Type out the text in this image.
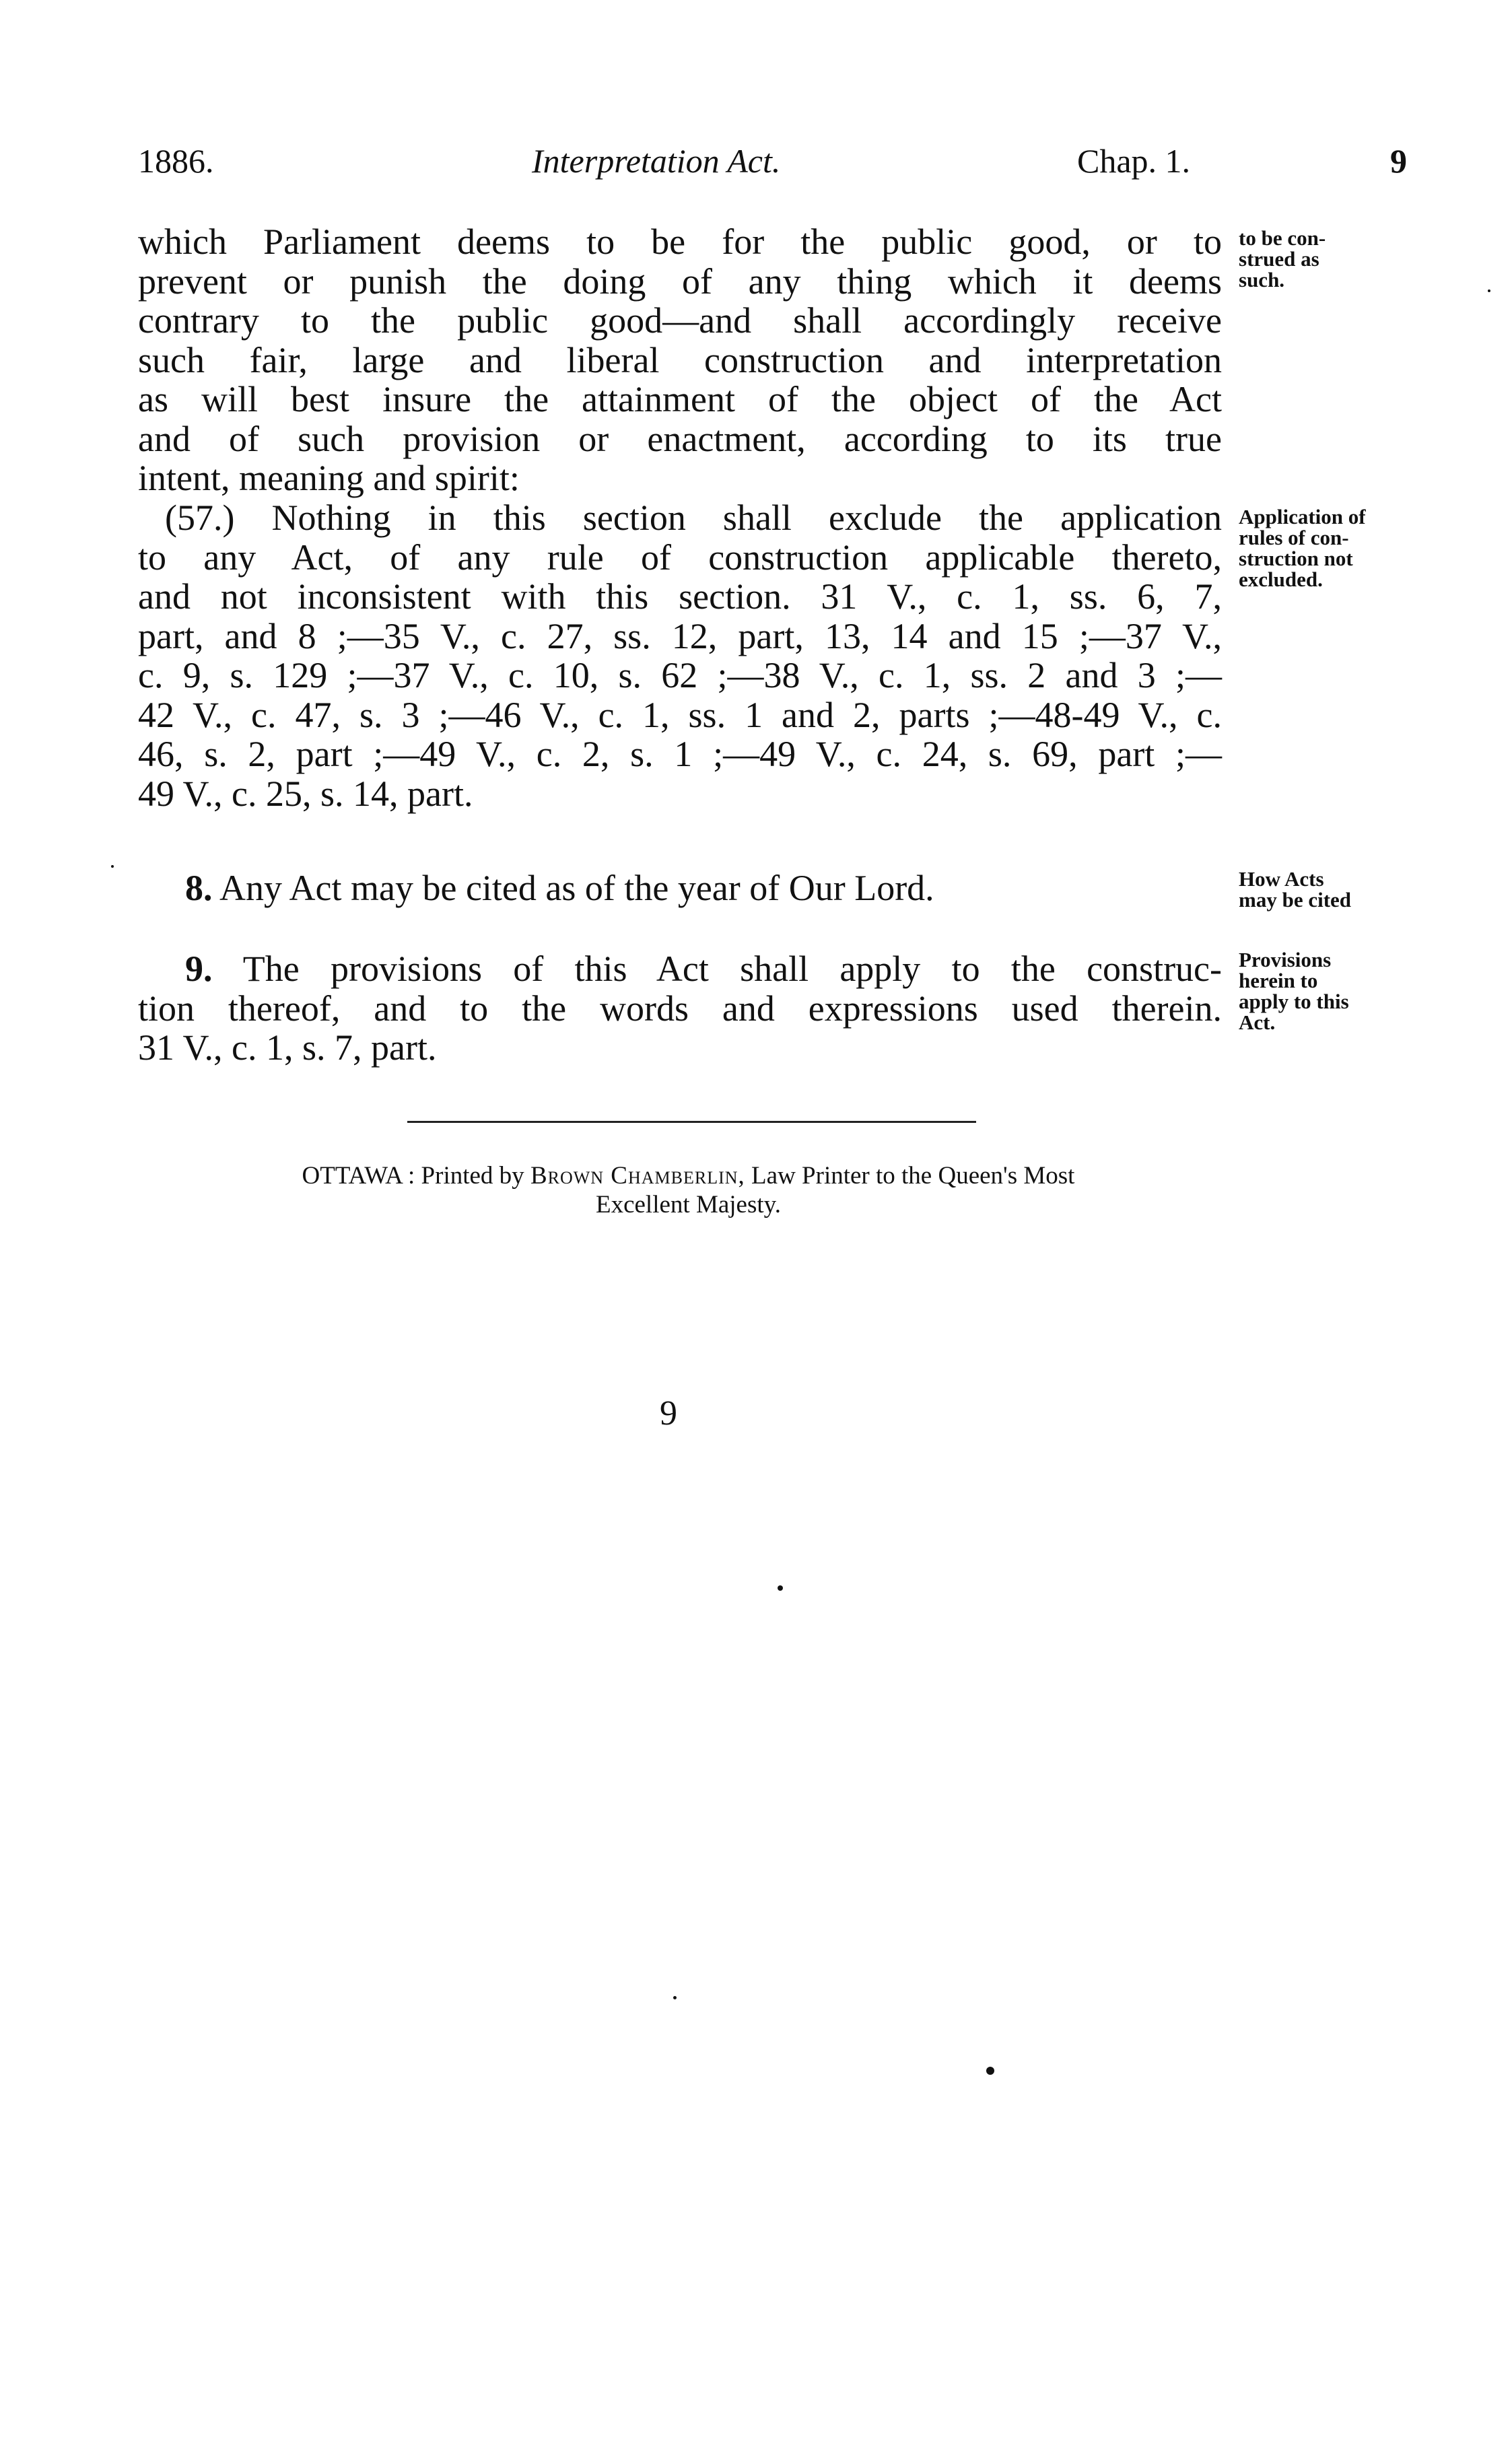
1886.	Interpretation Act.	Chap. 1.	9
which Parliament deems to be for the public good, or to
prevent or punish the doing of any thing which it deems
contrary to the public good—and shall accordingly receive
such fair, large and liberal construction and interpretation
as will best insure the attainment of the object of the Act
and of such provision or enactment, according to its true
intent, meaning and spirit:
(57.) Nothing in this section shall exclude the application
to any Act, of any rule of construction applicable thereto,
and not inconsistent with this section. 31 V., c. 1, ss. 6, 7,
part, and 8 ;—35 V., c. 27, ss. 12, part, 13, 14 and 15 ;—37 V.,
c. 9, s. 129 ;—37 V., c. 10, s. 62 ;—38 V., c. 1, ss. 2 and 3 ;—
42 V., c. 47, s. 3 ;—46 V., c. 1, ss. 1 and 2, parts ;—48-49 V., c.
46, s. 2, part ;—49 V., c. 2, s. 1 ;—49 V., c. 24, s. 69, part ;—
49 V., c. 25, s. 14, part.
8. Any Act may be cited as of the year of Our Lord.
9. The provisions of this Act shall apply to the construc-
tion thereof, and to the words and expressions used therein.
31 V., c. 1, s. 7, part.
to be con-
strued as
such.
Application of
rules of con-
struction not
excluded.
How Acts
may be cited
Provisions
herein to
apply to this
Act.
OTTAWA : Printed by Brown Chamberlin, Law Printer to the Queen's Most
Excellent Majesty.
9
